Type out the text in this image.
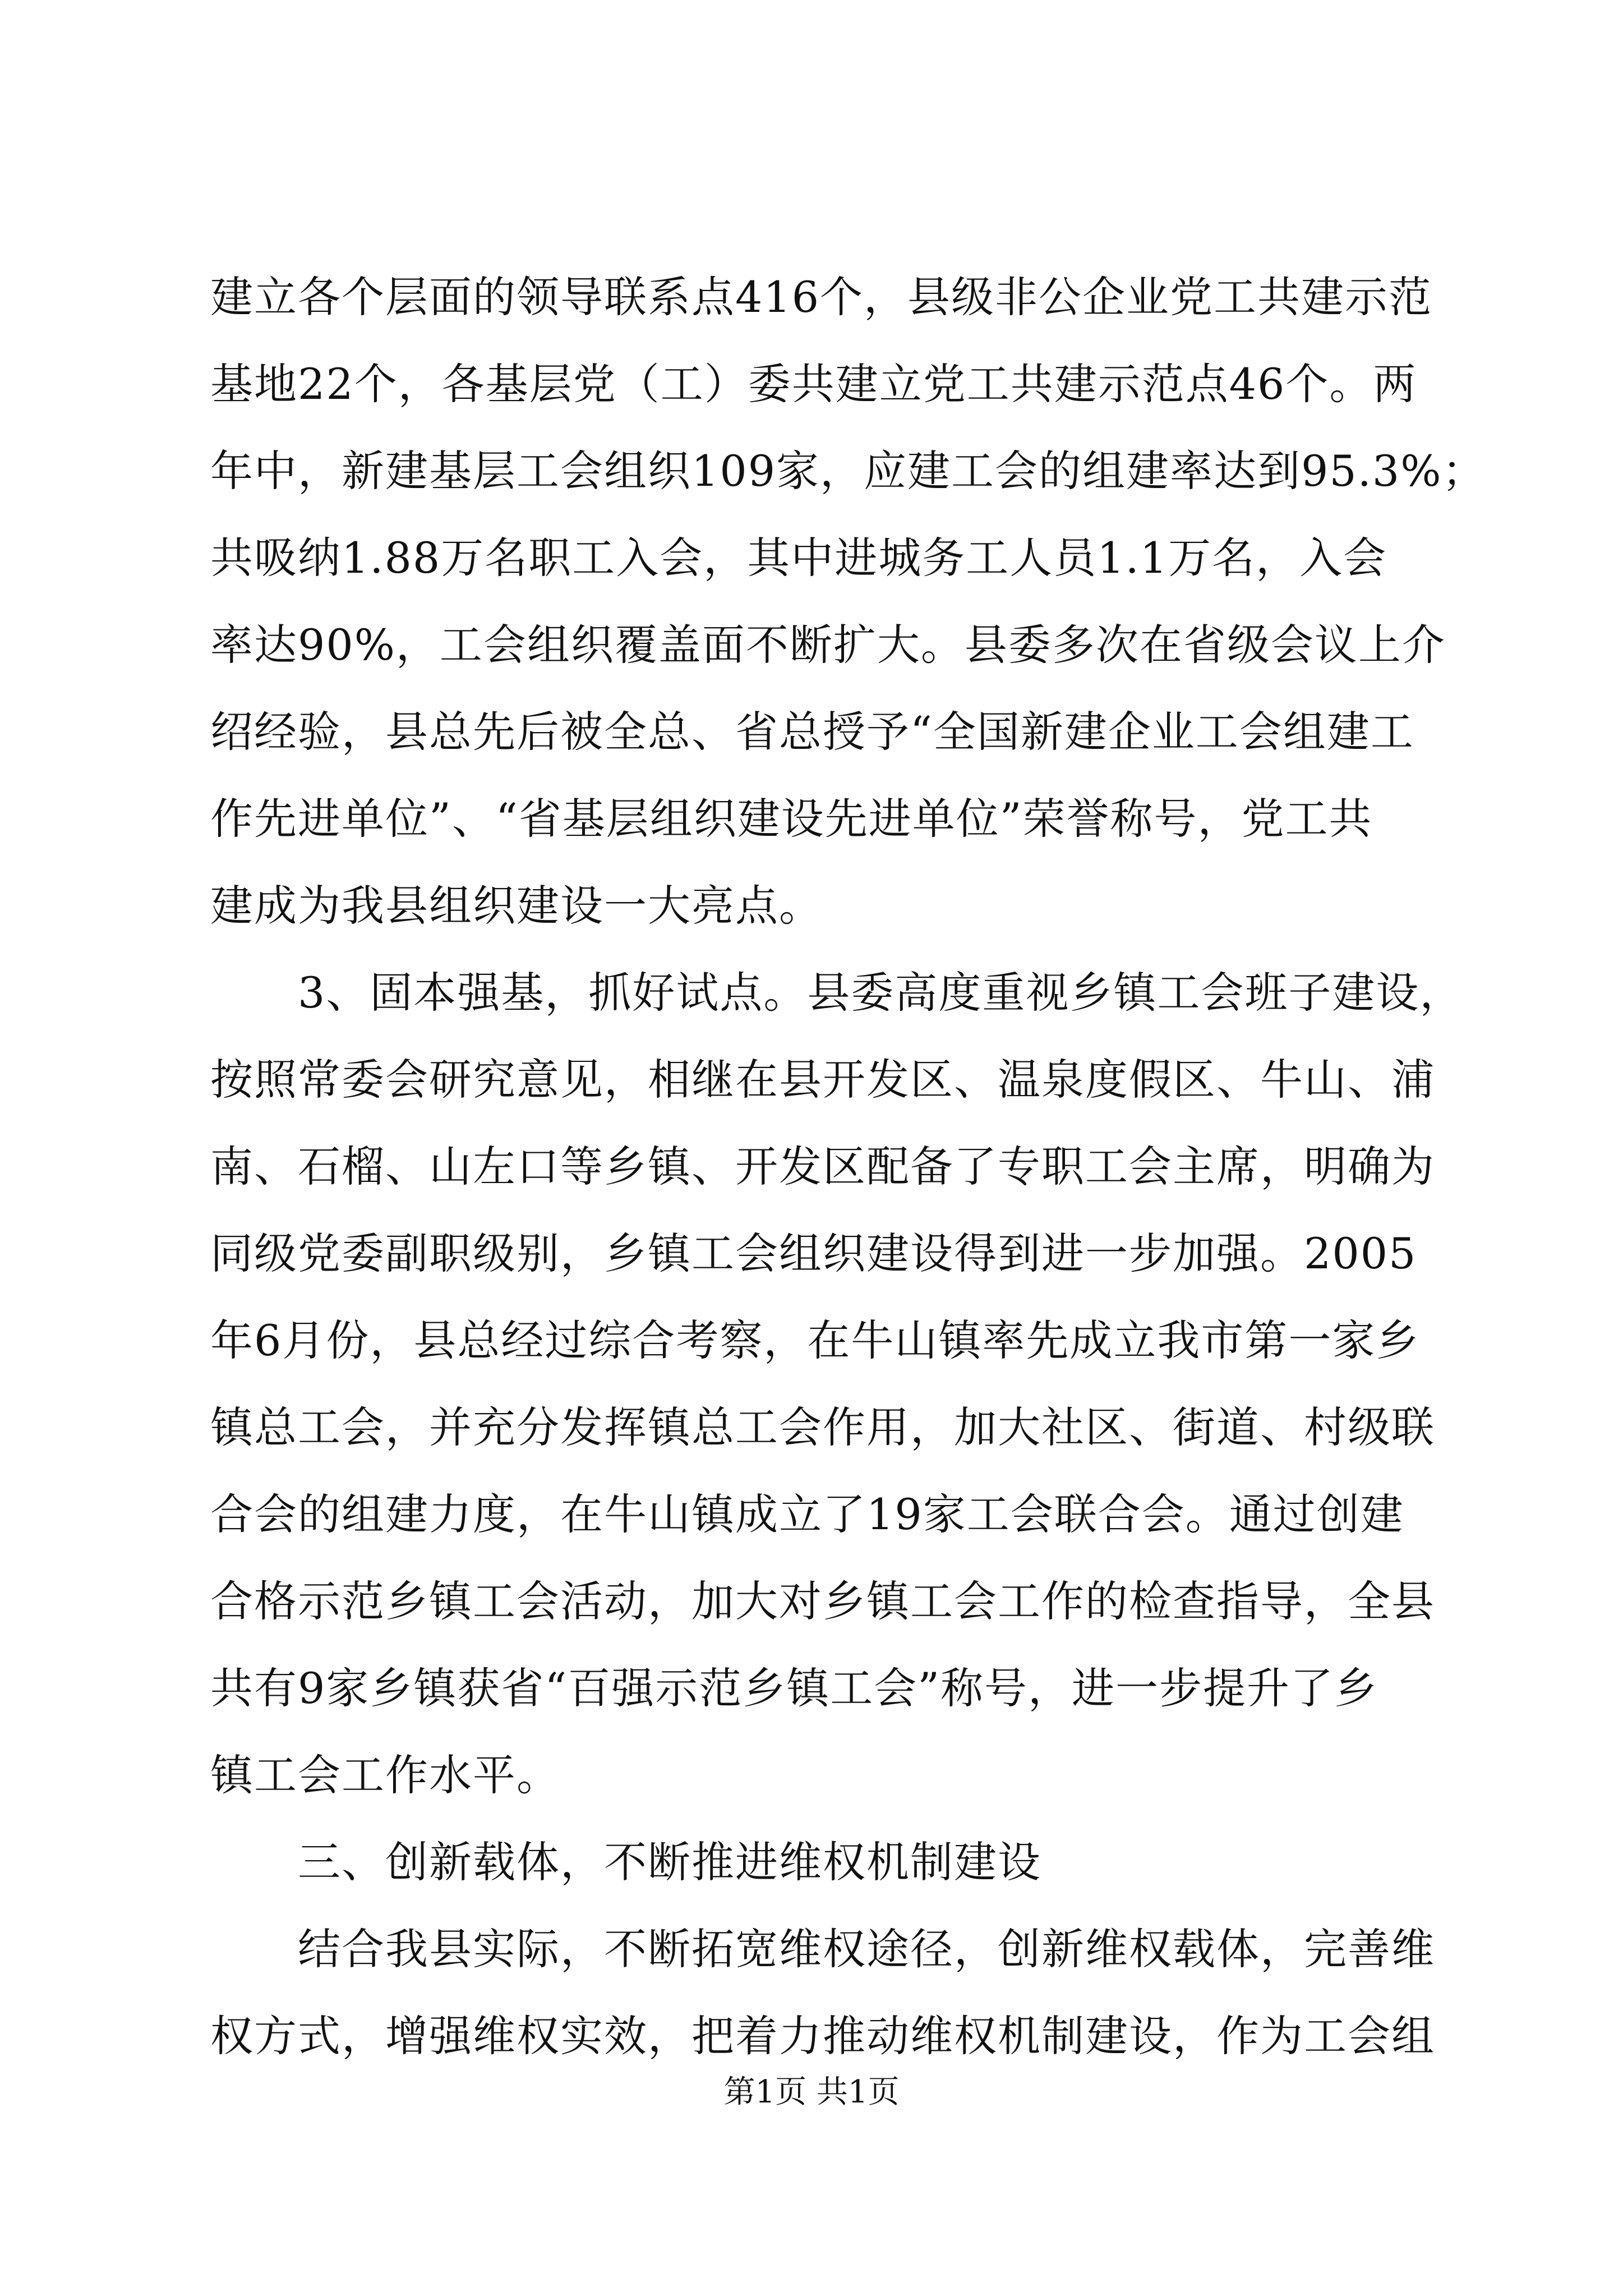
建立各个层面的领导联系点416个，县级非公企业党工共建示范
基地22个，各基层党（工）委共建立党工共建示范点46个。两
年中，新建基层工会组织109家，应建工会的组建率达到95.3%；
共吸纳1.88万名职工入会，其中进城务工人员1.1万名，入会
率达90%，工会组织覆盖面不断扩大。县委多次在省级会议上介
绍经验，县总先后被全总、省总授予“全国新建企业工会组建工
作先进单位”、“省基层组织建设先进单位”荣誉称号，党工共
建成为我县组织建设一大亮点。
　　3、固本强基，抓好试点。县委高度重视乡镇工会班子建设，
按照常委会研究意见，相继在县开发区、温泉度假区、牛山、浦
南、石榴、山左口等乡镇、开发区配备了专职工会主席，明确为
同级党委副职级别，乡镇工会组织建设得到进一步加强。2005
年6月份，县总经过综合考察，在牛山镇率先成立我市第一家乡
镇总工会，并充分发挥镇总工会作用，加大社区、街道、村级联
合会的组建力度，在牛山镇成立了19家工会联合会。通过创建
合格示范乡镇工会活动，加大对乡镇工会工作的检查指导，全县
共有9家乡镇获省“百强示范乡镇工会”称号，进一步提升了乡
镇工会工作水平。
　　三、创新载体，不断推进维权机制建设
　　结合我县实际，不断拓宽维权途径，创新维权载体，完善维
权方式，增强维权实效，把着力推动维权机制建设，作为工会组
第1页 共1页
